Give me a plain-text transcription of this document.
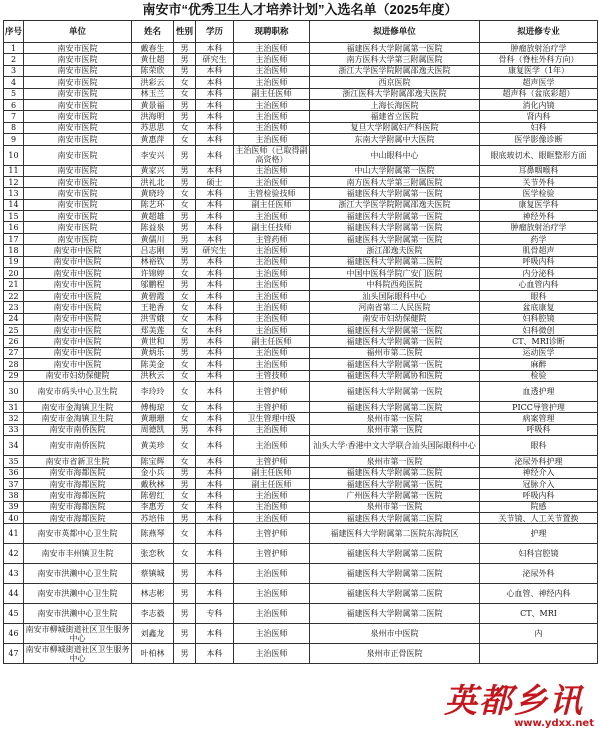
南安市“优秀卫生人才培养计划”入选名单（2025年度）
序号	单位	姓名	性别	学历	现聘职称	拟进修单位	拟进修专业
1	南安市医院	戴春生	男	本科	主治医师	福建医科大学附属第一医院	肿瘤放射治疗学
2	南安市医院	黄仕超	男	研究生	主治医师	南方医科大学第三附属医院	骨科（脊柱外科方向）
3	南安市医院	陈荣欣	男	本科	主治医师	浙江大学医学院附属邵逸夫医院	康复医学（1年）
4	南安市医院	洪彩云	女	本科	主治医师	西京医院	超声医学
5	南安市医院	林玉兰	女	本科	副主任医师	浙江医科大学附属邵逸夫医院	超声科（盆底彩超）
6	南安市医院	黄景福	男	本科	主治医师	上海长海医院	消化内镜
7	南安市医院	洪海明	男	本科	主治医师	福建省立医院	肾内科
8	南安市医院	苏思思	女	本科	主治医师	复旦大学附属妇产科医院	妇科
9	南安市医院	黄惠萍	女	本科	主治医师	东南大学附属中大医院	医学影像诊断
10	南安市医院	李安兴	男	本科	主治医师（已取得副高资格）	中山眼科中心	眼底玻切术、眼眶整形方面
11	南安市医院	黄家兴	男	本科	主治医师	中山大学附属第一医院	耳鼻咽喉科
12	南安市医院	洪礼北	男	硕士	主治医师	南方医科大学第三附属医院	关节外科
13	南安市医院	黄晓玲	女	本科	主管检验技师	福建医科大学附属第一医院	医学检验
14	南安市医院	陈艺环	女	本科	副主任医师	浙江大学医学院附属邵逸夫医院	康复医学科
15	南安市医院	黄超雄	男	本科	主治医师	福建医科大学附属第一医院	神经外科
16	南安市医院	陈益泉	男	本科	副主任技师	福建医科大学附属第一医院	肿瘤放射治疗学
17	南安市医院	黄儒川	男	本科	主管药师	福建医科大学附属第一医院	药学
18	南安市中医院	吕志刚	男	研究生	主治医师	浙江邵逸夫医院	肌骨超声
19	南安市中医院	林裕钦	男	本科	主治医师	福建医科大学附属第二医院	呼吸内科
20	南安市中医院	许锦婷	女	本科	主治医师	中国中医科学院广安门医院	内分泌科
21	南安市中医院	邬鹏程	男	本科	主治医师	中科院西苑医院	心血管内科
22	南安市中医院	黄碧霞	女	本科	主治医师	汕头国际眼科中心	眼科
23	南安市中医院	王艳香	女	本科	主治医师	河南省第二人民医院	盆底康复
24	南安市中医院	洪雪娥	女	本科	主治医师	南安市妇幼保健院	妇科腔镜
25	南安市中医院	郑美莲	女	本科	主治医师	福建医科大学附属第一医院	妇科微创
26	南安市中医院	黄世和	男	本科	副主任医师	福建医科大学附属第一医院	CT、MRI诊断
27	南安市中医院	黄炳乐	男	本科	主治医师	福州市第二医院	运动医学
28	南安市中医院	陈美金	女	本科	主治医师	福建医科大学附属第一医院	麻醉
29	南安市妇幼保健院	洪秋云	女	本科	主管技师	福建医科大学附属协和医院	检验
30	南安市码头中心卫生院	李玲玲	女	本科	主管护师	福建医科大学附属第一医院	血透护理
31	南安市金淘镇卫生院	傅梅琼	女	本科	主管护师	福建医科大学附属第二医院	PICC导管护理
32	南安市金淘镇卫生院	黄珊珊	女	本科	卫生管理中级	泉州市第一医院	病案管理
33	南安市南侨医院	周德凯	男	本科	主治医师	泉州市第一医院	呼吸科
34	南安市南侨医院	黄美珍	女	本科	主治医师	汕头大学·香港中文大学联合汕头国际眼科中心	眼科
35	南安市省新卫生院	陈宝辉	女	本科	主管护师	泉州市第一医院	泌尿外科护理
36	南安市海都医院	金小兵	男	本科	副主任医师	福建医科大学附属第二医院	神经介入
37	南安市海都医院	戴秋林	男	本科	副主任医师	福建医科大学附属第一医院	冠脉介入
38	南安市海都医院	陈碧红	女	本科	主治医师	广州医科大学附属第一医院	呼吸内科
39	南安市海都医院	李惠芳	女	本科	主治医师	泉州市第一医院	院感
40	南安市海都医院	苏培伟	男	本科	主治医师	福建医科大学附属第二医院	关节镜、人工关节置换
41	南安市英都中心卫生院	陈燕琴	女	本科	主管护师	福建医科大学附属第二医院东海院区	护理
42	南安市丰州镇卫生院	张恋秋	女	本科	主管护师	福建医科大学附属第二医院	妇科宫腔镜
43	南安市洪濑中心卫生院	蔡镇城	男	本科	主治医师	福建医科大学附属第二医院	泌尿外科
44	南安市洪濑中心卫生院	林志彬	男	本科	主治医师	福建医科大学附属第二医院	心血管、神经内科
45	南安市洪濑中心卫生院	李志毅	男	专科	主治医师	福建医科大学附属第二医院	CT、MRI
46	南安市柳城街道社区卫生服务中心	刘鑫龙	男	本科	主治医师	泉州市中医院	内
47	南安市柳城街道社区卫生服务中心	叶柏林	男	本科	主治医师	泉州市正骨医院	
英都乡讯
www.ydxx.net
